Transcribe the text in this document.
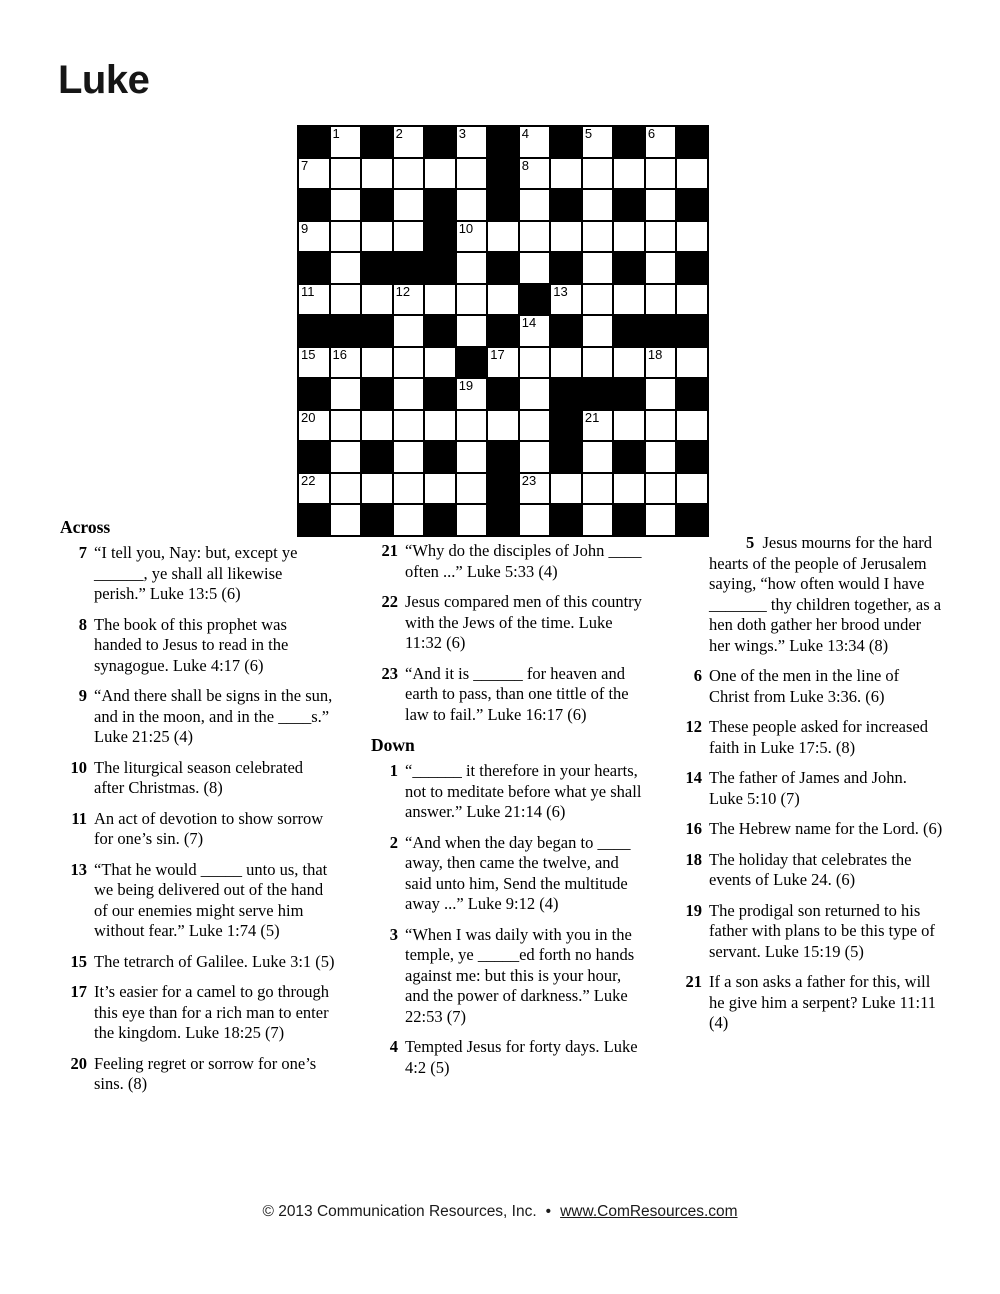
Luke
1	2	3	4	5	6
7	8
9	10
11	12	13
14
15 16	17	18
19
20	21
22	23
Across
7 “I tell you, Nay: but, except ye ______, ye shall all likewise perish.” Luke 13:5 (6)
8 The book of this prophet was handed to Jesus to read in the synagogue. Luke 4:17 (6)
9 “And there shall be signs in the sun, and in the moon, and in the ____s.” Luke 21:25 (4)
10 The liturgical season celebrated after Christmas. (8)
11 An act of devotion to show sorrow for one’s sin. (7)
13 “That he would _____ unto us, that we being delivered out of the hand of our enemies might serve him without fear.” Luke 1:74 (5)
15 The tetrarch of Galilee. Luke 3:1 (5)
17 It’s easier for a camel to go through this eye than for a rich man to enter the kingdom. Luke 18:25 (7)
20 Feeling regret or sorrow for one’s sins. (8)
21 “Why do the disciples of John ____ often ...” Luke 5:33 (4)
22 Jesus compared men of this country with the Jews of the time. Luke 11:32 (6)
23 “And it is ______ for heaven and earth to pass, than one tittle of the law to fail.” Luke 16:17 (6)
Down
1 “______ it therefore in your hearts, not to meditate before what ye shall answer.” Luke 21:14 (6)
2 “And when the day began to ____ away, then came the twelve, and said unto him, Send the multitude away ...” Luke 9:12 (4)
3 “When I was daily with you in the temple, ye _____ed forth no hands against me: but this is your hour, and the power of darkness.” Luke 22:53 (7)
4 Tempted Jesus for forty days. Luke 4:2 (5)
5 Jesus mourns for the hard hearts of the people of Jerusalem saying, “how often would I have _______ thy children together, as a hen doth gather her brood under her wings.” Luke 13:34 (8)
6 One of the men in the line of Christ from Luke 3:36. (6)
12 These people asked for increased faith in Luke 17:5. (8)
14 The father of James and John. Luke 5:10 (7)
16 The Hebrew name for the Lord. (6)
18 The holiday that celebrates the events of Luke 24. (6)
19 The prodigal son returned to his father with plans to be this type of servant. Luke 15:19 (5)
21 If a son asks a father for this, will he give him a serpent? Luke 11:11 (4)
© 2013 Communication Resources, Inc. • www.ComResources.com
